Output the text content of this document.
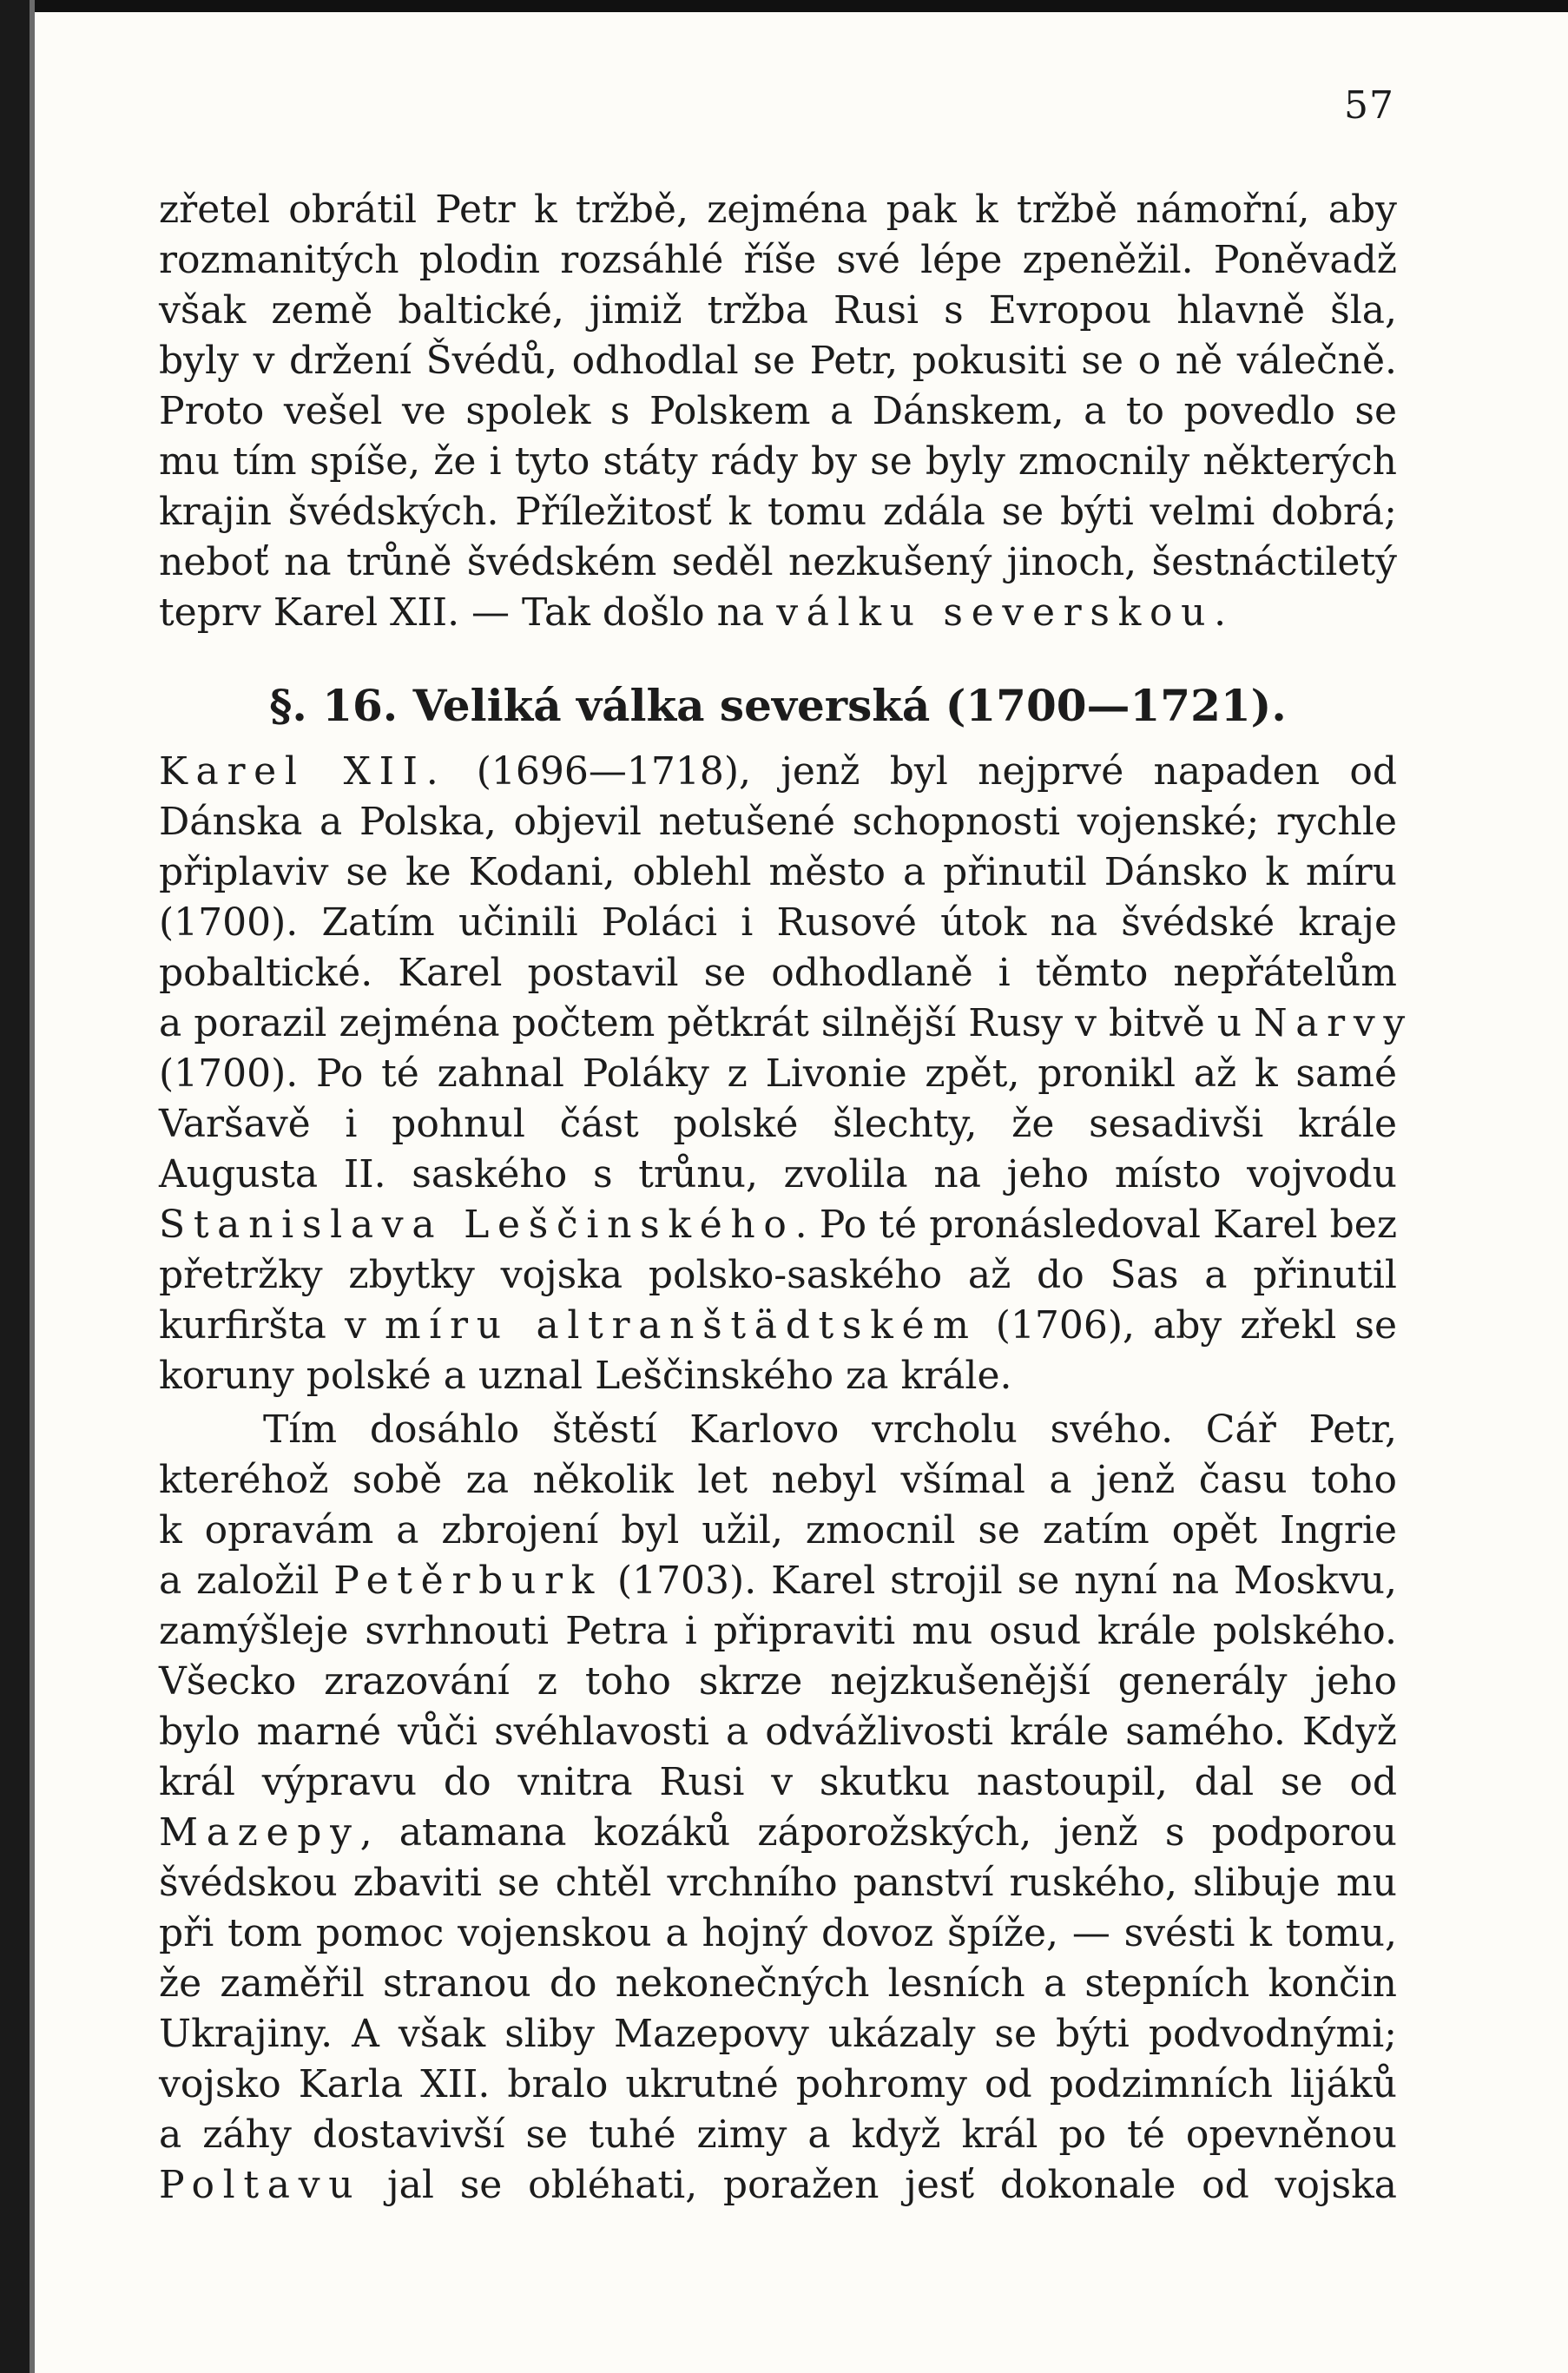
57
zřetel obrátil Petr k tržbě, zejména pak k tržbě námořní, aby
rozmanitých plodin rozsáhlé říše své lépe zpeněžil. Poněvadž
však země baltické, jimiž tržba Rusi s Evropou hlavně šla,
byly v držení Švédů, odhodlal se Petr, pokusiti se o ně válečně.
Proto vešel ve spolek s Polskem a Dánskem, a to povedlo se
mu tím spíše, že i tyto státy rády by se byly zmocnily některých
krajin švédských. Příležitosť k tomu zdála se býti velmi dobrá;
neboť na trůně švédském seděl nezkušený jinoch, šestnáctiletý
teprv Karel XII. — Tak došlo na válku severskou.
§. 16. Veliká válka severská (1700—1721).
Karel XII. (1696—1718), jenž byl nejprvé napaden od
Dánska a Polska, objevil netušené schopnosti vojenské; rychle
připlaviv se ke Kodani, oblehl město a přinutil Dánsko k míru
(1700). Zatím učinili Poláci i Rusové útok na švédské kraje
pobaltické. Karel postavil se odhodlaně i těmto nepřátelům
a porazil zejména počtem pětkrát silnější Rusy v bitvě u Narvy
(1700). Po té zahnal Poláky z Livonie zpět, pronikl až k samé
Varšavě i pohnul část polské šlechty, že sesadivši krále
Augusta II. saského s trůnu, zvolila na jeho místo vojvodu
Stanislava Leščinského. Po té pronásledoval Karel bez
přetržky zbytky vojska polsko-saského až do Sas a přinutil
kurfiršta v míru altranštädtském (1706), aby zřekl se
koruny polské a uznal Leščinského za krále.
Tím dosáhlo štěstí Karlovo vrcholu svého. Cář Petr,
kteréhož sobě za několik let nebyl všímal a jenž času toho
k opravám a zbrojení byl užil, zmocnil se zatím opět Ingrie
a založil Petěrburk (1703). Karel strojil se nyní na Moskvu,
zamýšleje svrhnouti Petra i připraviti mu osud krále polského.
Všecko zrazování z toho skrze nejzkušenější generály jeho
bylo marné vůči svéhlavosti a odvážlivosti krále samého. Když
král výpravu do vnitra Rusi v skutku nastoupil, dal se od
Mazepy, atamana kozáků záporožských, jenž s podporou
švédskou zbaviti se chtěl vrchního panství ruského, slibuje mu
při tom pomoc vojenskou a hojný dovoz špíže, — svésti k tomu,
že zaměřil stranou do nekonečných lesních a stepních končin
Ukrajiny. A však sliby Mazepovy ukázaly se býti podvodnými;
vojsko Karla XII. bralo ukrutné pohromy od podzimních lijáků
a záhy dostavivší se tuhé zimy a když král po té opevněnou
Poltavu jal se obléhati, poražen jesť dokonale od vojska
